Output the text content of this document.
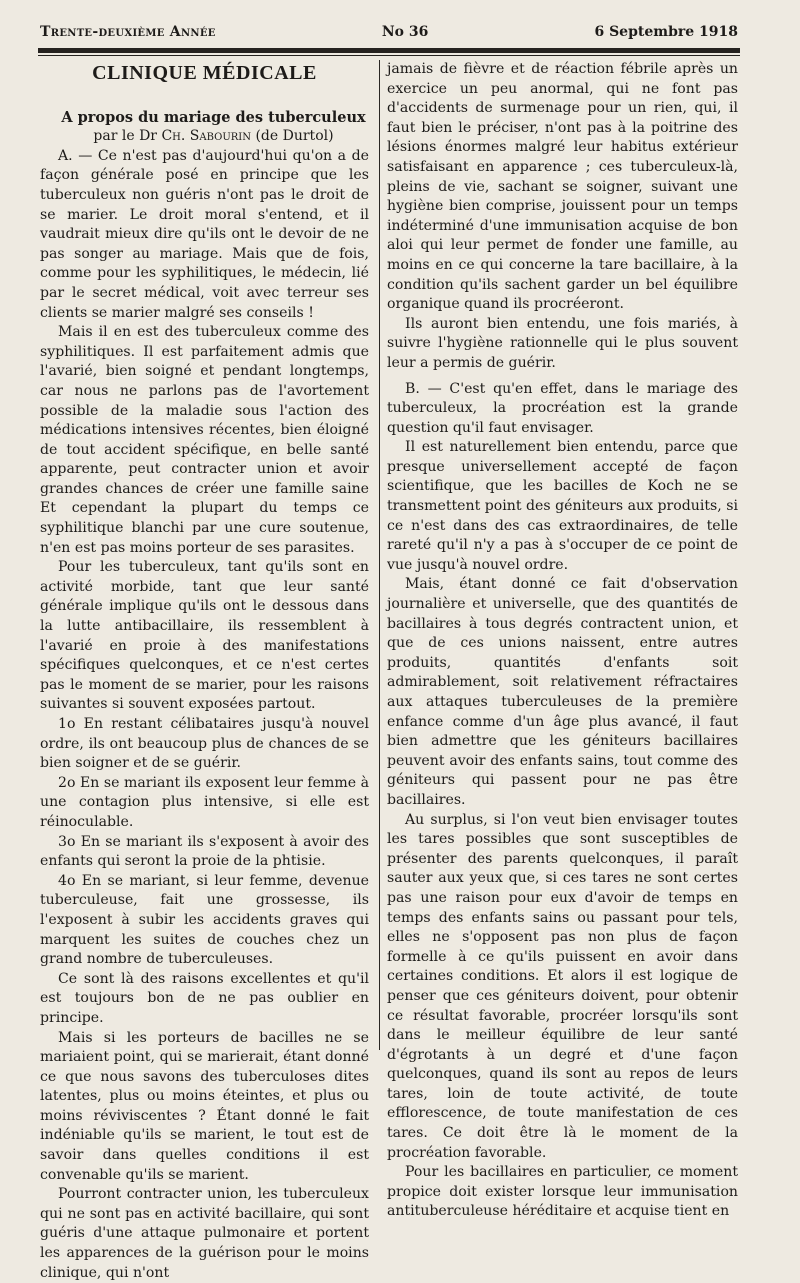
Trente-deuxième Année	No 36	6 Septembre 1918
CLINIQUE MÉDICALE

A propos du mariage des tuberculeux

par le Dr Ch. Sabourin (de Durtol)

A. — Ce n'est pas d'aujourd'hui qu'on a de façon générale posé en principe que les tuberculeux non guéris n'ont pas le droit de se marier. Le droit moral s'entend, et il vaudrait mieux dire qu'ils ont le devoir de ne pas songer au mariage. Mais que de fois, comme pour les syphilitiques, le médecin, lié par le secret médical, voit avec terreur ses clients se marier malgré ses conseils !

Mais il en est des tuberculeux comme des syphilitiques. Il est parfaitement admis que l'avarié, bien soigné et pendant longtemps, car nous ne parlons pas de l'avortement possible de la maladie sous l'action des médications intensives récentes, bien éloigné de tout accident spécifique, en belle santé apparente, peut contracter union et avoir grandes chances de créer une famille saine Et cependant la plupart du temps ce syphilitique blanchi par une cure soutenue, n'en est pas moins porteur de ses parasites.

Pour les tuberculeux, tant qu'ils sont en activité morbide, tant que leur santé générale implique qu'ils ont le dessous dans la lutte antibacillaire, ils ressemblent à l'avarié en proie à des manifestations spécifiques quelconques, et ce n'est certes pas le moment de se marier, pour les raisons suivantes si souvent exposées partout.

1o En restant célibataires jusqu'à nouvel ordre, ils ont beaucoup plus de chances de se bien soigner et de se guérir.

2o En se mariant ils exposent leur femme à une contagion plus intensive, si elle est réinoculable.

3o En se mariant ils s'exposent à avoir des enfants qui seront la proie de la phtisie.

4o En se mariant, si leur femme, devenue tuberculeuse, fait une grossesse, ils l'exposent à subir les accidents graves qui marquent les suites de couches chez un grand nombre de tuberculeuses.

Ce sont là des raisons excellentes et qu'il est toujours bon de ne pas oublier en principe.

Mais si les porteurs de bacilles ne se mariaient point, qui se marierait, étant donné ce que nous savons des tuberculoses dites latentes, plus ou moins éteintes, et plus ou moins réviviscentes ? Étant donné le fait indéniable qu'ils se marient, le tout est de savoir dans quelles conditions il est convenable qu'ils se marient.

Pourront contracter union, les tuberculeux qui ne sont pas en activité bacillaire, qui sont guéris d'une attaque pulmonaire et portent les apparences de la guérison pour le moins clinique, qui n'ont

jamais de fièvre et de réaction fébrile après un exercice un peu anormal, qui ne font pas d'accidents de surmenage pour un rien, qui, il faut bien le préciser, n'ont pas à la poitrine des lésions énormes malgré leur habitus extérieur satisfaisant en apparence ; ces tuberculeux-là, pleins de vie, sachant se soigner, suivant une hygiène bien comprise, jouissent pour un temps indéterminé d'une immunisation acquise de bon aloi qui leur permet de fonder une famille, au moins en ce qui concerne la tare bacillaire, à la condition qu'ils sachent garder un bel équilibre organique quand ils procréeront.

Ils auront bien entendu, une fois mariés, à suivre l'hygiène rationnelle qui le plus souvent leur a permis de guérir.

B. — C'est qu'en effet, dans le mariage des tuberculeux, la procréation est la grande question qu'il faut envisager.

Il est naturellement bien entendu, parce que presque universellement accepté de façon scientifique, que les bacilles de Koch ne se transmettent point des géniteurs aux produits, si ce n'est dans des cas extraordinaires, de telle rareté qu'il n'y a pas à s'occuper de ce point de vue jusqu'à nouvel ordre.

Mais, étant donné ce fait d'observation journalière et universelle, que des quantités de bacillaires à tous degrés contractent union, et que de ces unions naissent, entre autres produits, quantités d'enfants soit admirablement, soit relativement réfractaires aux attaques tuberculeuses de la première enfance comme d'un âge plus avancé, il faut bien admettre que les géniteurs bacillaires peuvent avoir des enfants sains, tout comme des géniteurs qui passent pour ne pas être bacillaires.

Au surplus, si l'on veut bien envisager toutes les tares possibles que sont susceptibles de présenter des parents quelconques, il paraît sauter aux yeux que, si ces tares ne sont certes pas une raison pour eux d'avoir de temps en temps des enfants sains ou passant pour tels, elles ne s'opposent pas non plus de façon formelle à ce qu'ils puissent en avoir dans certaines conditions. Et alors il est logique de penser que ces géniteurs doivent, pour obtenir ce résultat favorable, procréer lorsqu'ils sont dans le meilleur équilibre de leur santé d'égrotants à un degré et d'une façon quelconques, quand ils sont au repos de leurs tares, loin de toute activité, de toute efflorescence, de toute manifestation de ces tares. Ce doit être là le moment de la procréation favorable.

Pour les bacillaires en particulier, ce moment propice doit exister lorsque leur immunisation antituberculeuse héréditaire et acquise tient en
